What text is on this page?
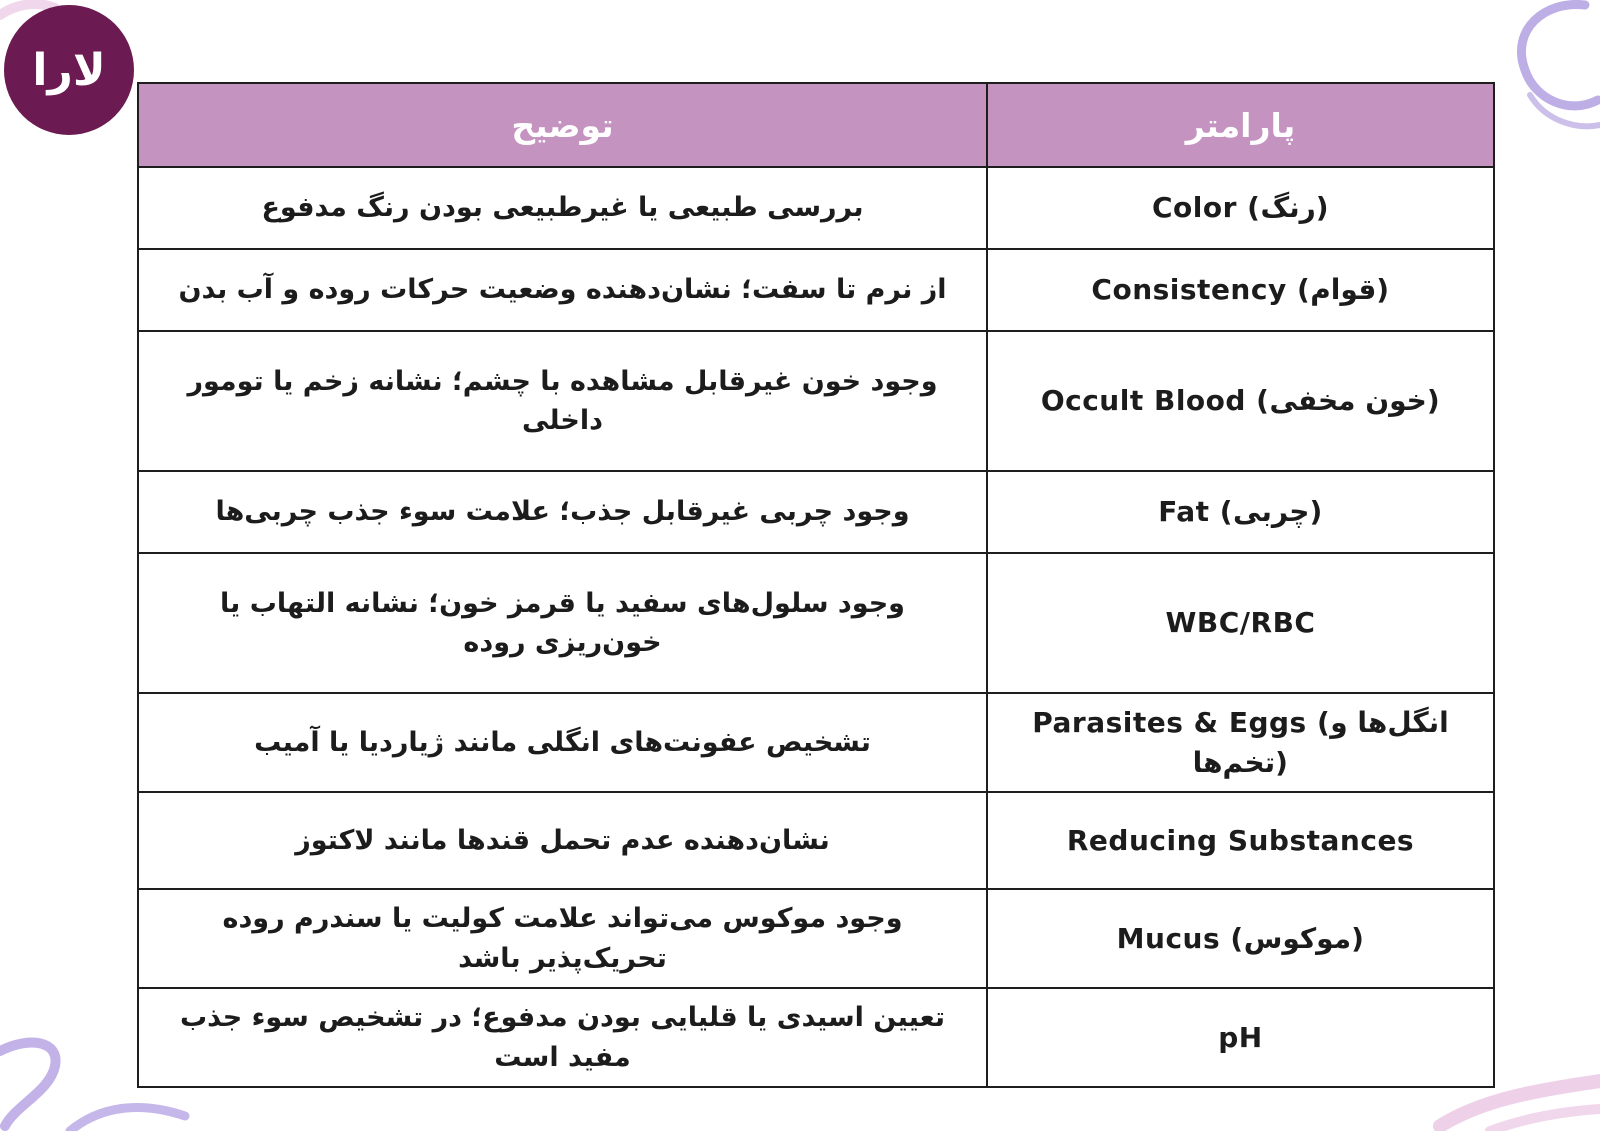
لارا
پارامتر	توضیح
Color (رنگ)	بررسی طبیعی یا غیرطبیعی بودن رنگ مدفوع
Consistency (قوام)	از نرم تا سفت؛ نشان‌دهنده وضعیت حرکات روده و آب بدن
Occult Blood (خون مخفی)	وجود خون غیرقابل مشاهده با چشم؛ نشانه زخم یا تومور داخلی
Fat (چربی)	وجود چربی غیرقابل جذب؛ علامت سوء جذب چربی‌ها
WBC/RBC	وجود سلول‌های سفید یا قرمز خون؛ نشانه التهاب یا خون‌ریزی روده
Parasites & Eggs (انگل‌ها و تخم‌ها)	تشخیص عفونت‌های انگلی مانند ژیاردیا یا آمیب
Reducing Substances	نشان‌دهنده عدم تحمل قندها مانند لاکتوز
Mucus (موکوس)	وجود موکوس می‌تواند علامت کولیت یا سندرم روده تحریک‌پذیر باشد
pH	تعیین اسیدی یا قلیایی بودن مدفوع؛ در تشخیص سوء جذب مفید است
